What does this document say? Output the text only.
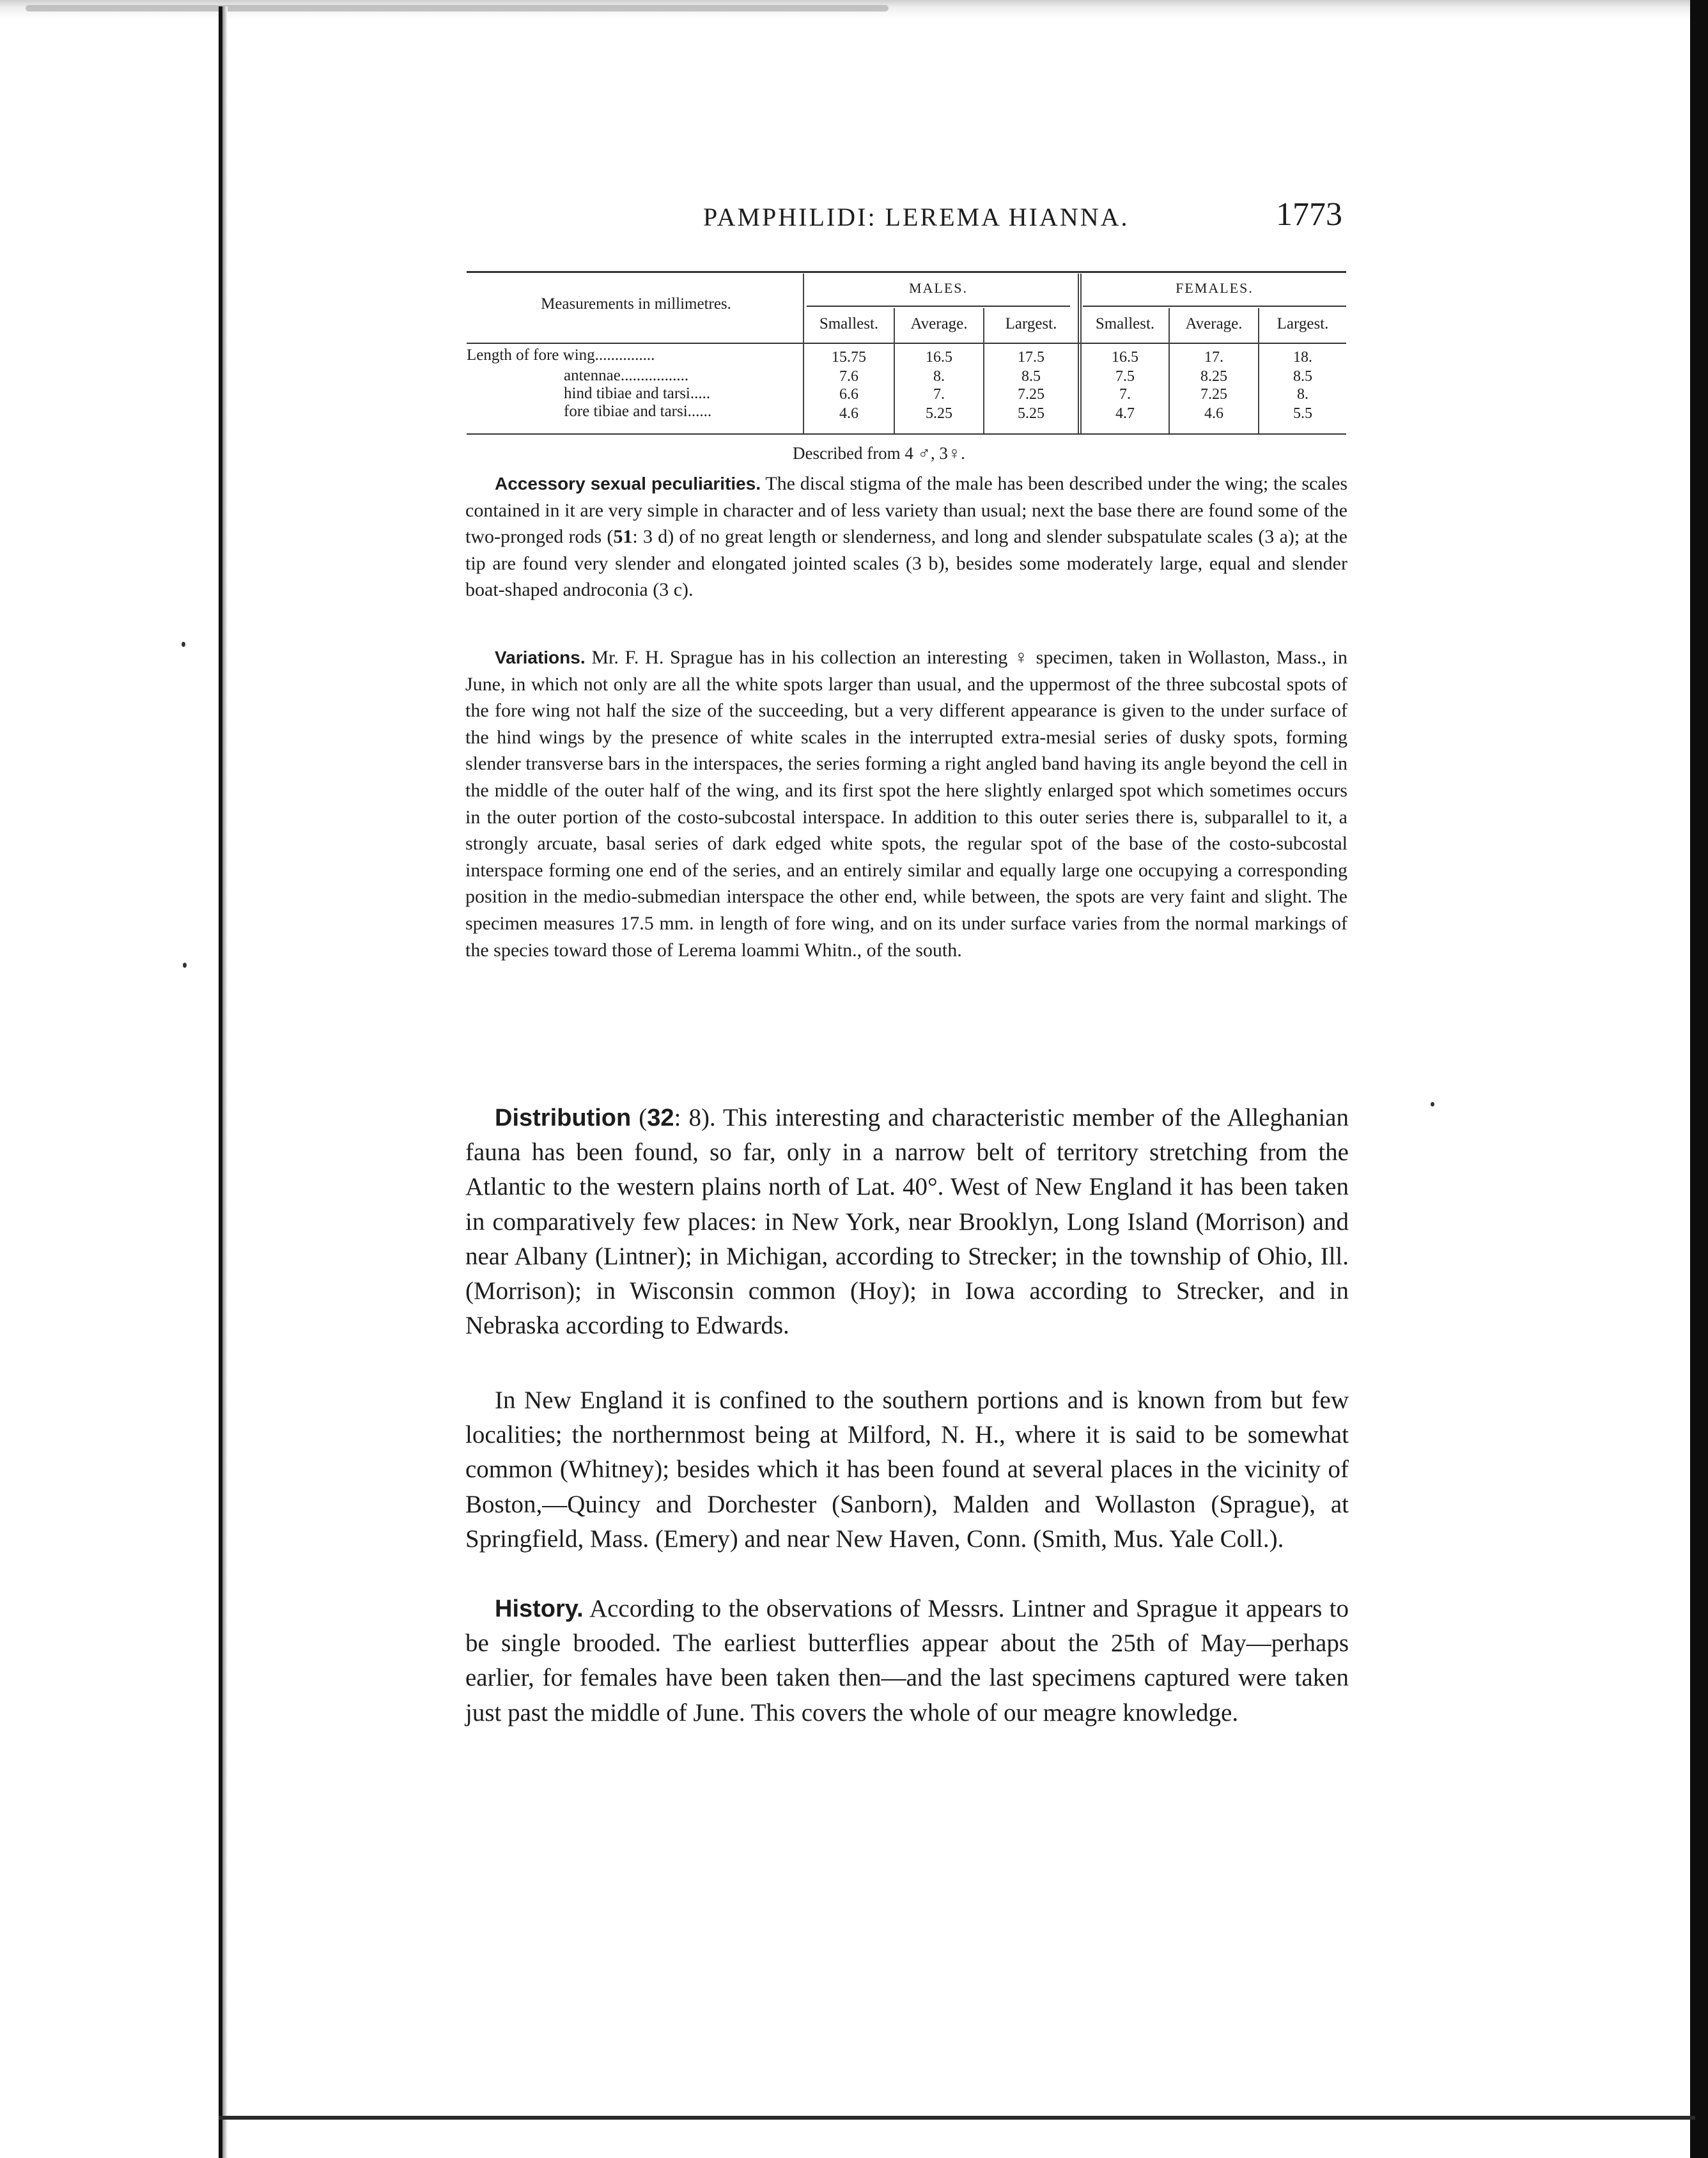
PAMPHILIDI: LEREMA HIANNA.	1773
Measurements in millimetres.
MALES.	FEMALES.
Smallest.	Average.	Largest.	Smallest.	Average.	Largest.
Length of fore wing...............	15.75	16.5	17.5	16.5	17.	18.
antennae.................	7.6	8.	8.5	7.5	8.25	8.5
hind tibiae and tarsi.....	6.6	7.	7.25	7.	7.25	8.
fore tibiae and tarsi......	4.6	5.25	5.25	4.7	4.6	5.5
Described from 4 ♂, 3♀.

Accessory sexual peculiarities. The discal stigma of the male has been described under the wing; the scales contained in it are very simple in character and of less variety than usual; next the base there are found some of the two-pronged rods (51: 3 d) of no great length or slenderness, and long and slender subspatulate scales (3 a); at the tip are found very slender and elongated jointed scales (3 b), besides some moderately large, equal and slender boat-shaped androconia (3 c).

Variations. Mr. F. H. Sprague has in his collection an interesting ♀ specimen, taken in Wollaston, Mass., in June, in which not only are all the white spots larger than usual, and the uppermost of the three subcostal spots of the fore wing not half the size of the succeeding, but a very different appearance is given to the under surface of the hind wings by the presence of white scales in the interrupted extra-mesial series of dusky spots, forming slender transverse bars in the interspaces, the series forming a right angled band having its angle beyond the cell in the middle of the outer half of the wing, and its first spot the here slightly enlarged spot which sometimes occurs in the outer portion of the costo-subcostal interspace. In addition to this outer series there is, subparallel to it, a strongly arcuate, basal series of dark edged white spots, the regular spot of the base of the costo-subcostal interspace forming one end of the series, and an entirely similar and equally large one occupying a corresponding position in the medio-submedian interspace the other end, while between, the spots are very faint and slight. The specimen measures 17.5 mm. in length of fore wing, and on its under surface varies from the normal markings of the species toward those of Lerema loammi Whitn., of the south.

Distribution (32: 8). This interesting and characteristic member of the Alleghanian fauna has been found, so far, only in a narrow belt of territory stretching from the Atlantic to the western plains north of Lat. 40°. West of New England it has been taken in comparatively few places: in New York, near Brooklyn, Long Island (Morrison) and near Albany (Lintner); in Michigan, according to Strecker; in the township of Ohio, Ill. (Morrison); in Wisconsin common (Hoy); in Iowa according to Strecker, and in Nebraska according to Edwards.

In New England it is confined to the southern portions and is known from but few localities; the northernmost being at Milford, N. H., where it is said to be somewhat common (Whitney); besides which it has been found at several places in the vicinity of Boston,—Quincy and Dorchester (Sanborn), Malden and Wollaston (Sprague), at Springfield, Mass. (Emery) and near New Haven, Conn. (Smith, Mus. Yale Coll.).

History. According to the observations of Messrs. Lintner and Sprague it appears to be single brooded. The earliest butterflies appear about the 25th of May—perhaps earlier, for females have been taken then—and the last specimens captured were taken just past the middle of June. This covers the whole of our meagre knowledge.
